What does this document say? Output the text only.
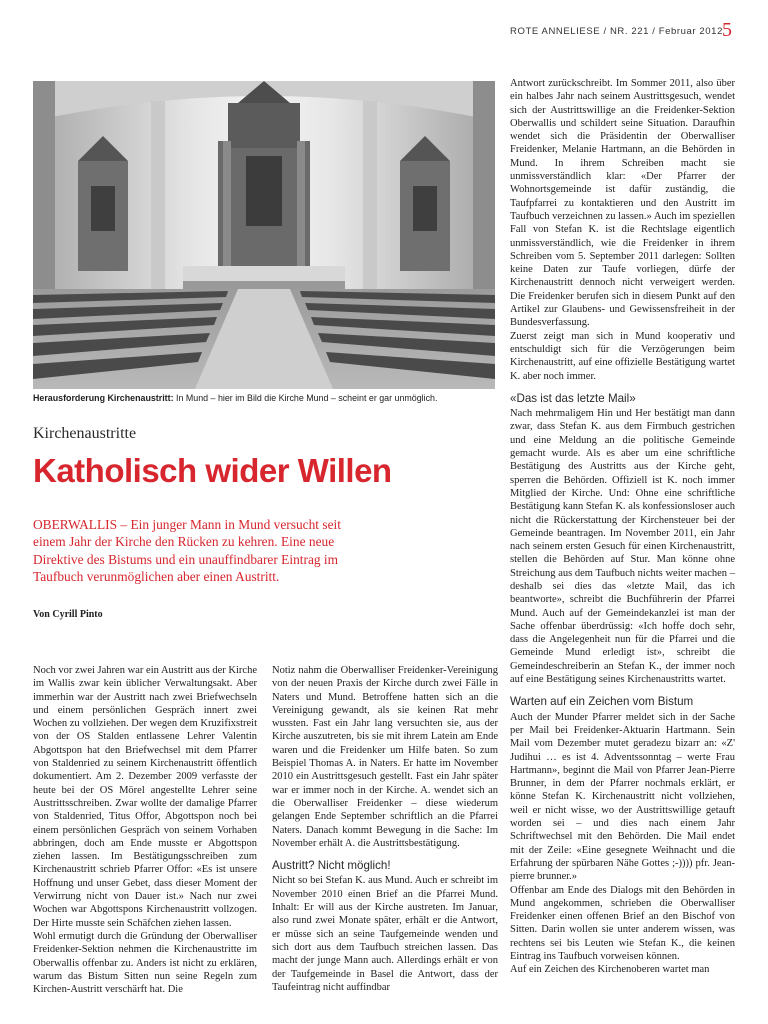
ROTE ANNELIESE / NR. 221 / Februar 2012 5
Herausforderung Kirchenaustritt: In Mund – hier im Bild die Kirche Mund – scheint er gar unmöglich.
Kirchenaustritte
Katholisch wider Willen
OBERWALLIS – Ein junger Mann in Mund versucht seit einem Jahr der Kirche den Rücken zu kehren. Eine neue Direktive des Bistums und ein unauffindbarer Eintrag im Taufbuch verunmöglichen aber einen Austritt.
Von Cyrill Pinto

Noch vor zwei Jahren war ein Austritt aus der Kirche im Wallis zwar kein üblicher Verwaltungsakt. Aber immerhin war der Austritt nach zwei Briefwechseln und einem persönlichen Gespräch innert zwei Wochen zu vollziehen. Der wegen dem Kruzifixstreit von der OS Stalden entlassene Lehrer Valentin Abgottspon hat den Briefwechsel mit dem Pfarrer von Staldenried zu seinem Kirchenaustritt öffentlich dokumentiert. Am 2. Dezember 2009 verfasste der heute bei der OS Mörel angestellte Lehrer seine Austrittsschreiben. Zwar wollte der damalige Pfarrer von Staldenried, Titus Offor, Abgottspon noch bei einem persönlichen Gespräch von seinem Vorhaben abbringen, doch am Ende musste er Abgottspon ziehen lassen. Im Bestätigungsschreiben zum Kirchenaustritt schrieb Pfarrer Offor: «Es ist unsere Hoffnung und unser Gebet, dass dieser Moment der Verwirrung nicht von Dauer ist.» Nach nur zwei Wochen war Abgottspons Kirchenaustritt vollzogen. Der Hirte musste sein Schäfchen ziehen lassen.

Wohl ermutigt durch die Gründung der Oberwalliser Freidenker-Sektion nehmen die Kirchenaustritte im Oberwallis offenbar zu. Anders ist nicht zu erklären, warum das Bistum Sitten nun seine Regeln zum Kirchen-Austritt verschärft hat. Die

Notiz nahm die Oberwalliser Freidenker-Vereinigung von der neuen Praxis der Kirche durch zwei Fälle in Naters und Mund. Betroffene hatten sich an die Vereinigung gewandt, als sie keinen Rat mehr wussten. Fast ein Jahr lang versuchten sie, aus der Kirche auszutreten, bis sie mit ihrem Latein am Ende waren und die Freidenker um Hilfe baten. So zum Beispiel Thomas A. in Naters. Er hatte im November 2010 ein Austrittsgesuch gestellt. Fast ein Jahr später war er immer noch in der Kirche. A. wendet sich an die Oberwalliser Freidenker – diese wiederum gelangen Ende September schriftlich an die Pfarrei Naters. Danach kommt Bewegung in die Sache: Im November erhält A. die Austrittsbestätigung.

Austritt? Nicht möglich!

Nicht so bei Stefan K. aus Mund. Auch er schreibt im November 2010 einen Brief an die Pfarrei Mund. Inhalt: Er will aus der Kirche austreten. Im Januar, also rund zwei Monate später, erhält er die Antwort, er müsse sich an seine Taufgemeinde wenden und sich dort aus dem Taufbuch streichen lassen. Das macht der junge Mann auch. Allerdings erhält er von der Taufgemeinde in Basel die Antwort, dass der Taufeintrag nicht auffindbar

Antwort zurückschreibt. Im Sommer 2011, also über ein halbes Jahr nach seinem Austrittsgesuch, wendet sich der Austrittswillige an die Freidenker-Sektion Oberwallis und schildert seine Situation. Daraufhin wendet sich die Präsidentin der Oberwalliser Freidenker, Melanie Hartmann, an die Behörden in Mund. In ihrem Schreiben macht sie unmissverständlich klar: «Der Pfarrer der Wohnortsgemeinde ist dafür zuständig, die Taufpfarrei zu kontaktieren und den Austritt im Taufbuch verzeichnen zu lassen.» Auch im speziellen Fall von Stefan K. ist die Rechtslage eigentlich unmissverständlich, wie die Freidenker in ihrem Schreiben vom 5. September 2011 darlegen: Sollten keine Daten zur Taufe vorliegen, dürfe der Kirchenaustritt dennoch nicht verweigert werden. Die Freidenker berufen sich in diesem Punkt auf den Artikel zur Glaubens- und Gewissensfreiheit in der Bundesverfassung.

Zuerst zeigt man sich in Mund kooperativ und entschuldigt sich für die Verzögerungen beim Kirchenaustritt, auf eine offizielle Bestätigung wartet K. aber noch immer.

«Das ist das letzte Mail»

Nach mehrmaligem Hin und Her bestätigt man dann zwar, dass Stefan K. aus dem Firmbuch gestrichen und eine Meldung an die politische Gemeinde gemacht wurde. Als es aber um eine schriftliche Bestätigung des Austritts aus der Kirche geht, sperren die Behörden. Offiziell ist K. noch immer Mitglied der Kirche. Und: Ohne eine schriftliche Bestätigung kann Stefan K. als konfessionsloser auch nicht die Rückerstattung der Kirchensteuer bei der Gemeinde beantragen. Im November 2011, ein Jahr nach seinem ersten Gesuch für einen Kirchenaustritt, stellen die Behörden auf Stur. Man könne ohne Streichung aus dem Taufbuch nichts weiter machen – deshalb sei dies das «letzte Mail, das ich beantworte», schreibt die Buchführerin der Pfarrei Mund. Auch auf der Gemeindekanzlei ist man der Sache offenbar überdrüssig: «Ich hoffe doch sehr, dass die Angelegenheit nun für die Pfarrei und die Gemeinde Mund erledigt ist», schreibt die Gemeindeschreiberin an Stefan K., der immer noch auf eine Bestätigung seines Kirchenaustritts wartet.

Warten auf ein Zeichen vom Bistum

Auch der Munder Pfarrer meldet sich in der Sache per Mail bei Freidenker-Aktuarin Hartmann. Sein Mail vom Dezember mutet geradezu bizarr an: «Z' Judihui … es ist 4. Adventssonntag – werte Frau Hartmann», beginnt die Mail von Pfarrer Jean-Pierre Brunner, in dem der Pfarrer nochmals erklärt, er könne Stefan K. Kirchenaustritt nicht vollziehen, weil er nicht wisse, wo der Austrittswillige getauft worden sei – und dies nach einem Jahr Schriftwechsel mit den Behörden. Die Mail endet mit der Zeile: «Eine gesegnete Weihnacht und die Erfahrung der spürbaren Nähe Gottes ;-)))) pfr. Jean-pierre brunner.»

Offenbar am Ende des Dialogs mit den Behörden in Mund angekommen, schrieben die Oberwalliser Freidenker einen offenen Brief an den Bischof von Sitten. Darin wollen sie unter anderem wissen, was rechtens sei bis Leuten wie Stefan K., die keinen Eintrag ins Taufbuch vorweisen können.

Auf ein Zeichen des Kirchenoberen wartet man
